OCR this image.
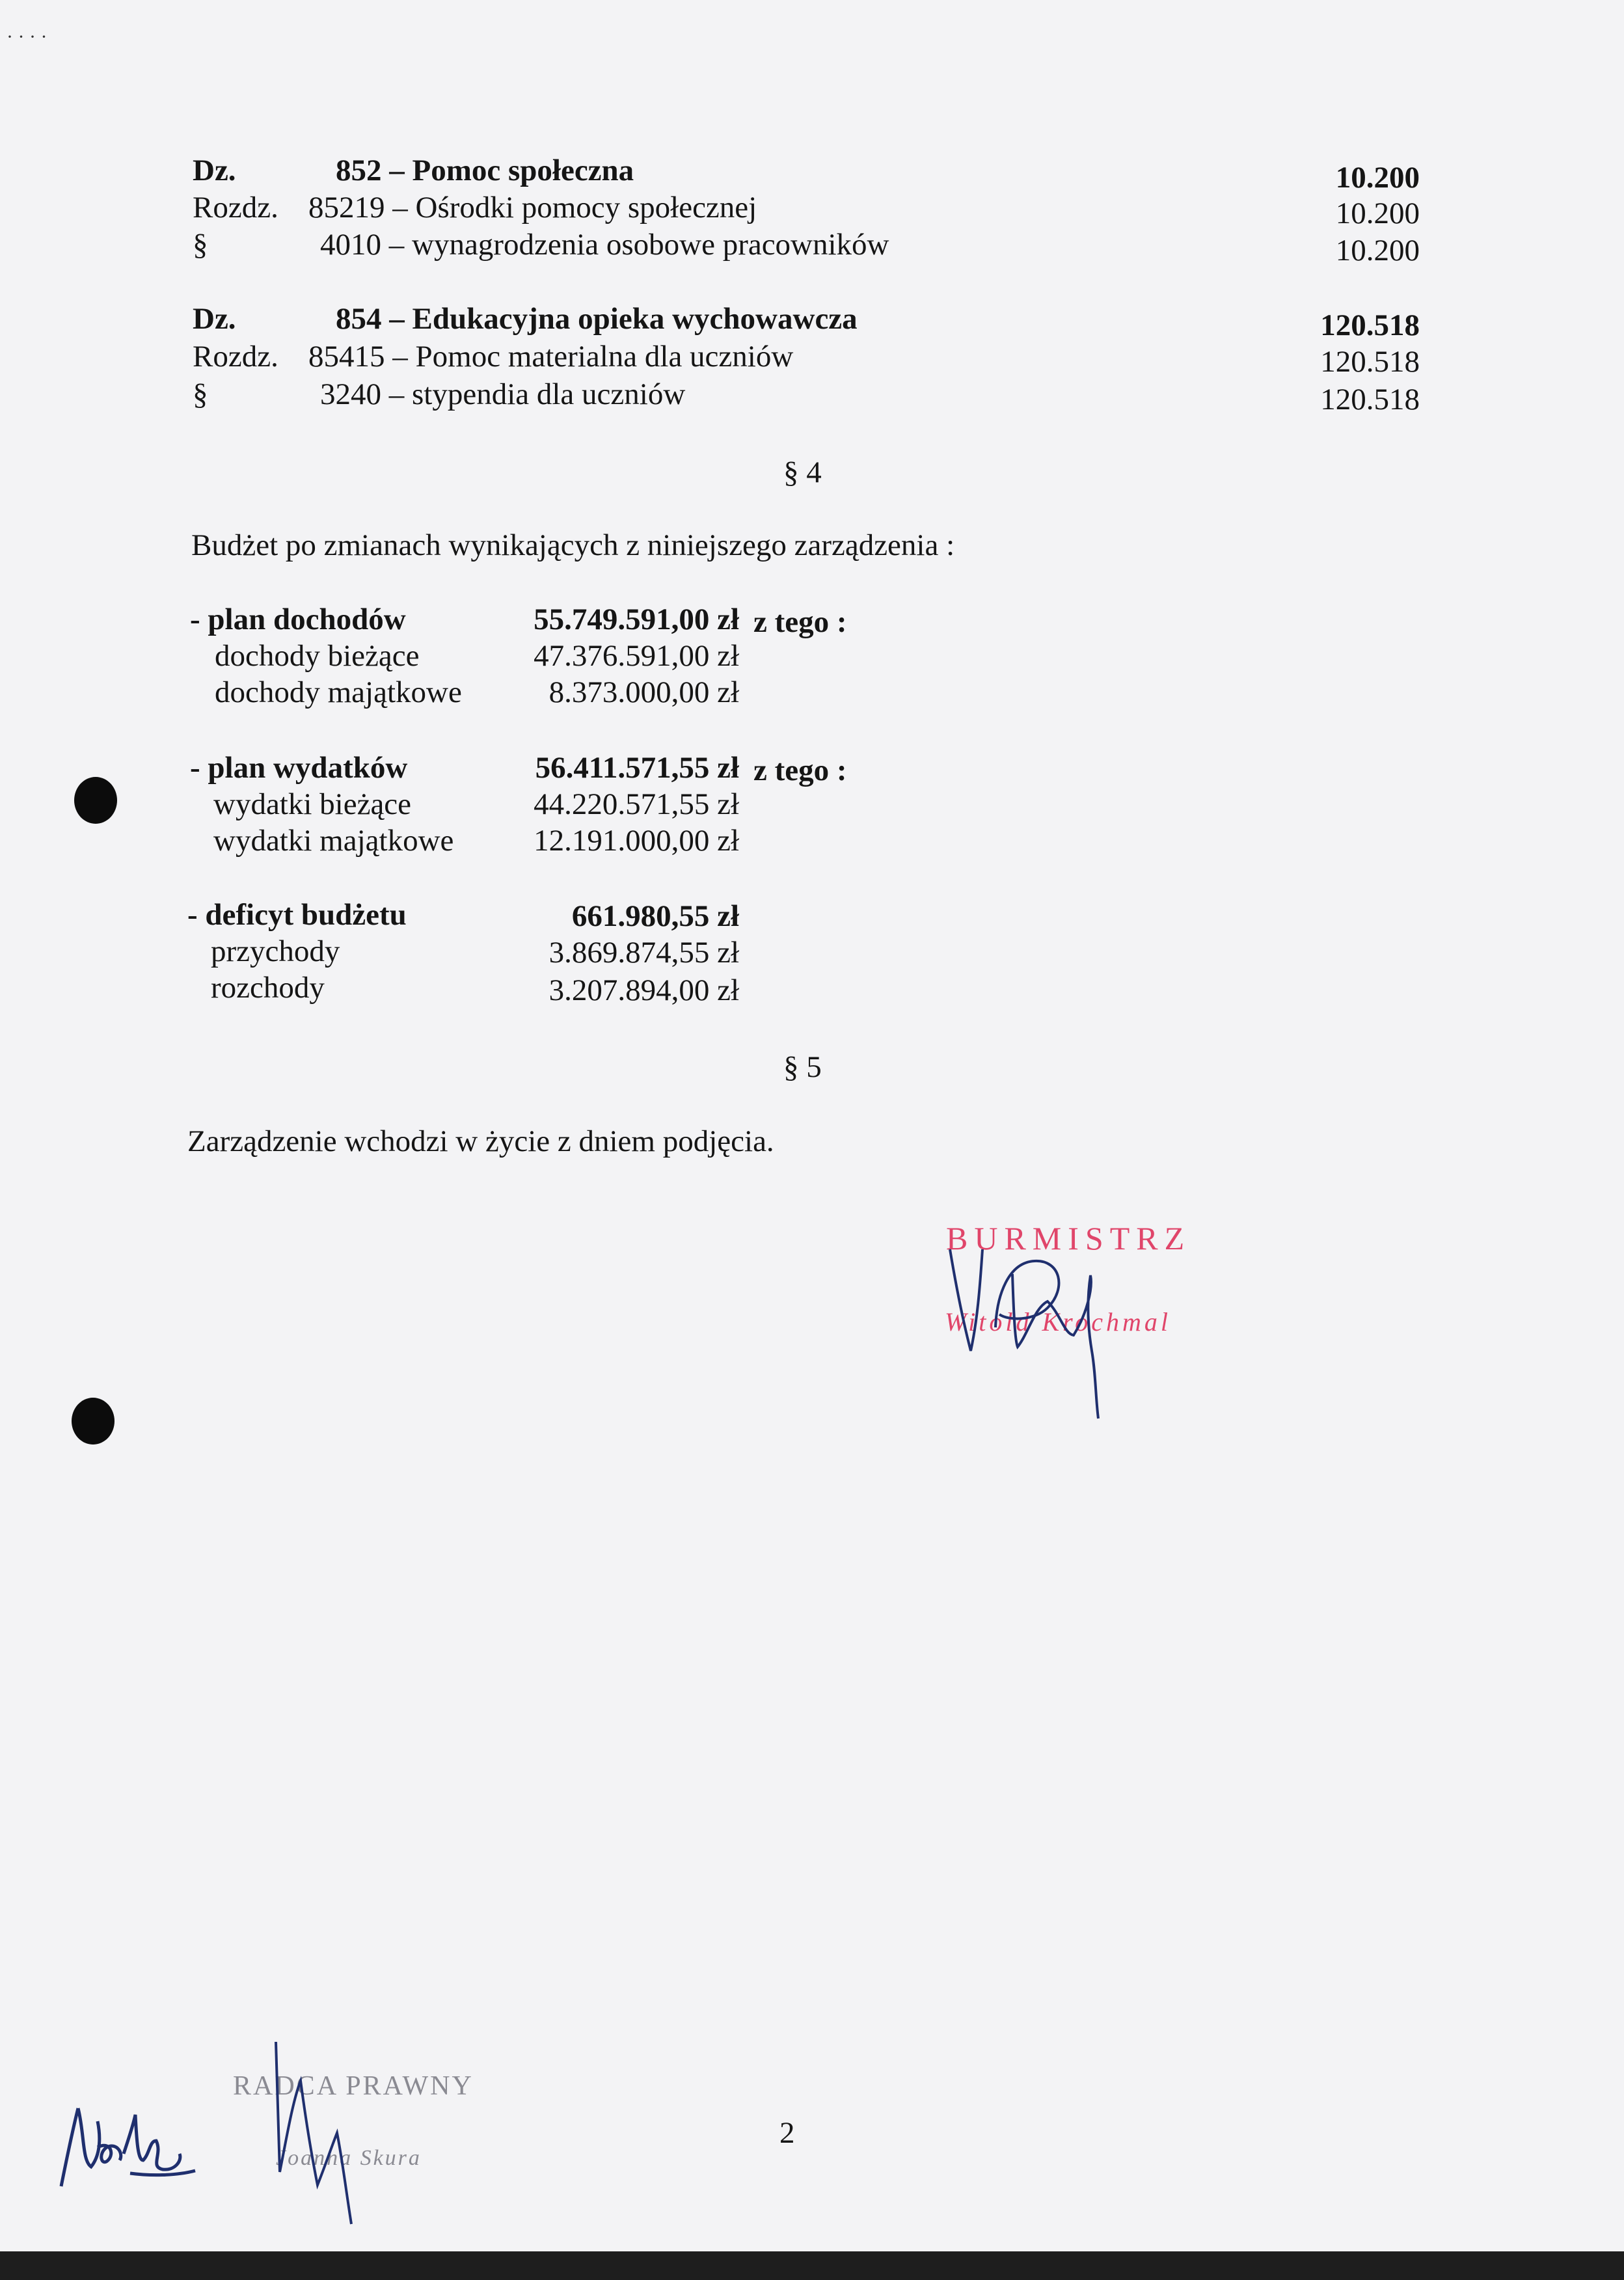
· · · ·
Dz.	852 – Pomoc społeczna	10.200
Rozdz. 85219 – Ośrodki pomocy społecznej	10.200
§	4010 – wynagrodzenia osobowe pracowników	10.200
Dz.	854 – Edukacyjna opieka wychowawcza	120.518
Rozdz. 85415 – Pomoc materialna dla uczniów	120.518
§	3240 – stypendia dla uczniów	120.518
§ 4
Budżet po zmianach wynikających z niniejszego zarządzenia :
- plan dochodów	55.749.591,00 zł z tego :
dochody bieżące	47.376.591,00 zł
dochody majątkowe	8.373.000,00 zł
- plan wydatków	56.411.571,55 zł z tego :
wydatki bieżące	44.220.571,55 zł
wydatki majątkowe	12.191.000,00 zł
- deficyt budżetu	661.980,55 zł
przychody	3.869.874,55 zł
rozchody	3.207.894,00 zł
§ 5
Zarządzenie wchodzi w życie z dniem podjęcia.
BURMISTRZ
Witold Krochmal
RADCA PRAWNY
Joanna Skura
2
